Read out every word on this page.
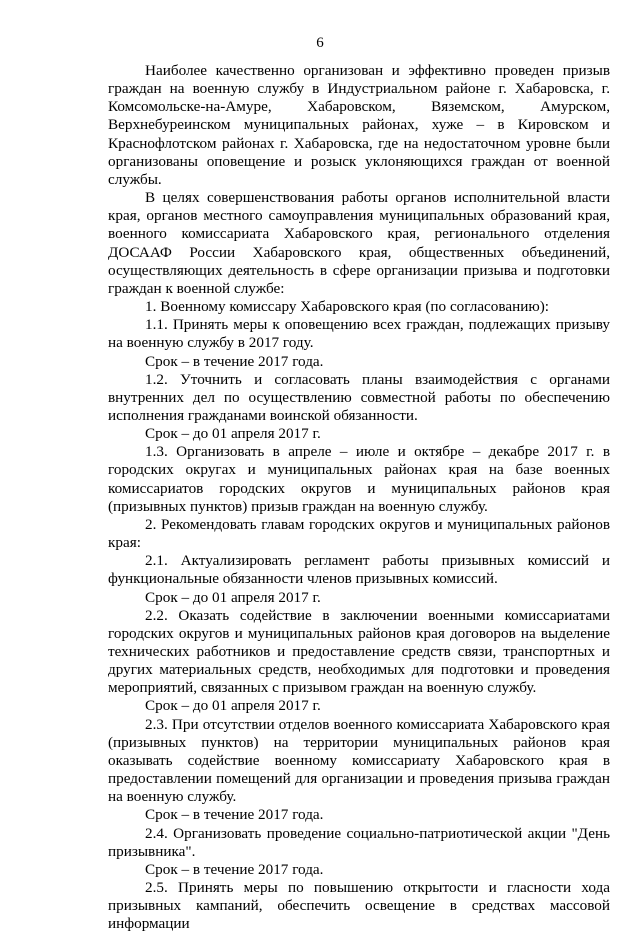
6

Наиболее качественно организован и эффективно проведен призыв граждан на военную службу в Индустриальном районе г. Хабаровска, г. Комсомольске-на-Амуре, Хабаровском, Вяземском, Амурском, Верхнебуреинском муниципальных районах, хуже – в Кировском и Краснофлотском районах г. Хабаровска, где на недостаточном уровне были организованы оповещение и розыск уклоняющихся граждан от военной службы.

В целях совершенствования работы органов исполнительной власти края, органов местного самоуправления муниципальных образований края, военного комиссариата Хабаровского края, регионального отделения ДОСААФ России Хабаровского края, общественных объединений, осуществляющих деятельность в сфере организации призыва и подготовки граждан к военной службе:

1. Военному комиссару Хабаровского края (по согласованию):

1.1. Принять меры к оповещению всех граждан, подлежащих призыву на военную службу в 2017 году.

Срок – в течение 2017 года.

1.2. Уточнить и согласовать планы взаимодействия с органами внутренних дел по осуществлению совместной работы по обеспечению исполнения гражданами воинской обязанности.

Срок – до 01 апреля 2017 г.

1.3. Организовать в апреле – июле и октябре – декабре 2017 г. в городских округах и муниципальных районах края на базе военных комиссариатов городских округов и муниципальных районов края (призывных пунктов) призыв граждан на военную службу.

2. Рекомендовать главам городских округов и муниципальных районов края:

2.1. Актуализировать регламент работы призывных комиссий и функциональные обязанности членов призывных комиссий.

Срок – до 01 апреля 2017 г.

2.2. Оказать содействие в заключении военными комиссариатами городских округов и муниципальных районов края договоров на выделение технических работников и предоставление средств связи, транспортных и других материальных средств, необходимых для подготовки и проведения мероприятий, связанных с призывом граждан на военную службу.

Срок – до 01 апреля 2017 г.

2.3. При отсутствии отделов военного комиссариата Хабаровского края (призывных пунктов) на территории муниципальных районов края оказывать содействие военному комиссариату Хабаровского края в предоставлении помещений для организации и проведения призыва граждан на военную службу.

Срок – в течение 2017 года.

2.4. Организовать проведение социально-патриотической акции "День призывника".

Срок – в течение 2017 года.

2.5. Принять меры по повышению открытости и гласности хода призывных кампаний, обеспечить освещение в средствах массовой информации
